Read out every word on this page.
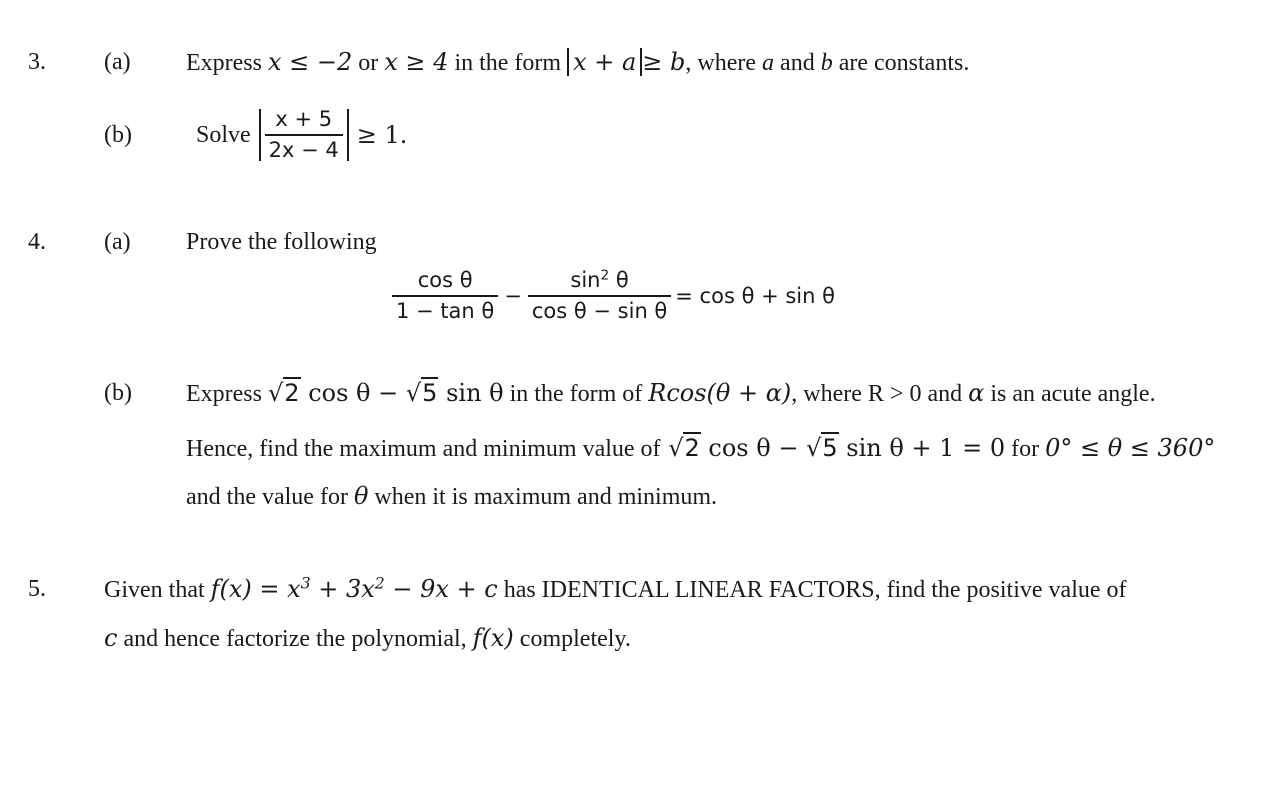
3. (a) Express x ≤ −2 or x ≥ 4 in the form x + a ≥ b, where a and b are constants.
(b)	Solve $\frac{x + 5}{2x - 4} \ge 1$.
4. (a) Prove the following
$\frac{\text{cos θ}}{\text{1 − tan θ}} - \frac{\sin^2 \theta}{\text{cos θ − sin θ}} = \cos \theta + \sin \theta$
(b) Express √2 cos θ − √5 sin θ in the form of Rcos(θ + α), where R > 0 and α is an acute angle.
Hence, find the maximum and minimum value of √2 cos θ − √5 sin θ + 1 = 0 for 0° ≤ θ ≤ 360°
and the value for θ when it is maximum and minimum.
5. Given that $f(x) = x^3 + 3x^2 - 9x + c$ has IDENTICAL LINEAR FACTORS, find the positive value of
c and hence factorize the polynomial, f(x) completely.
